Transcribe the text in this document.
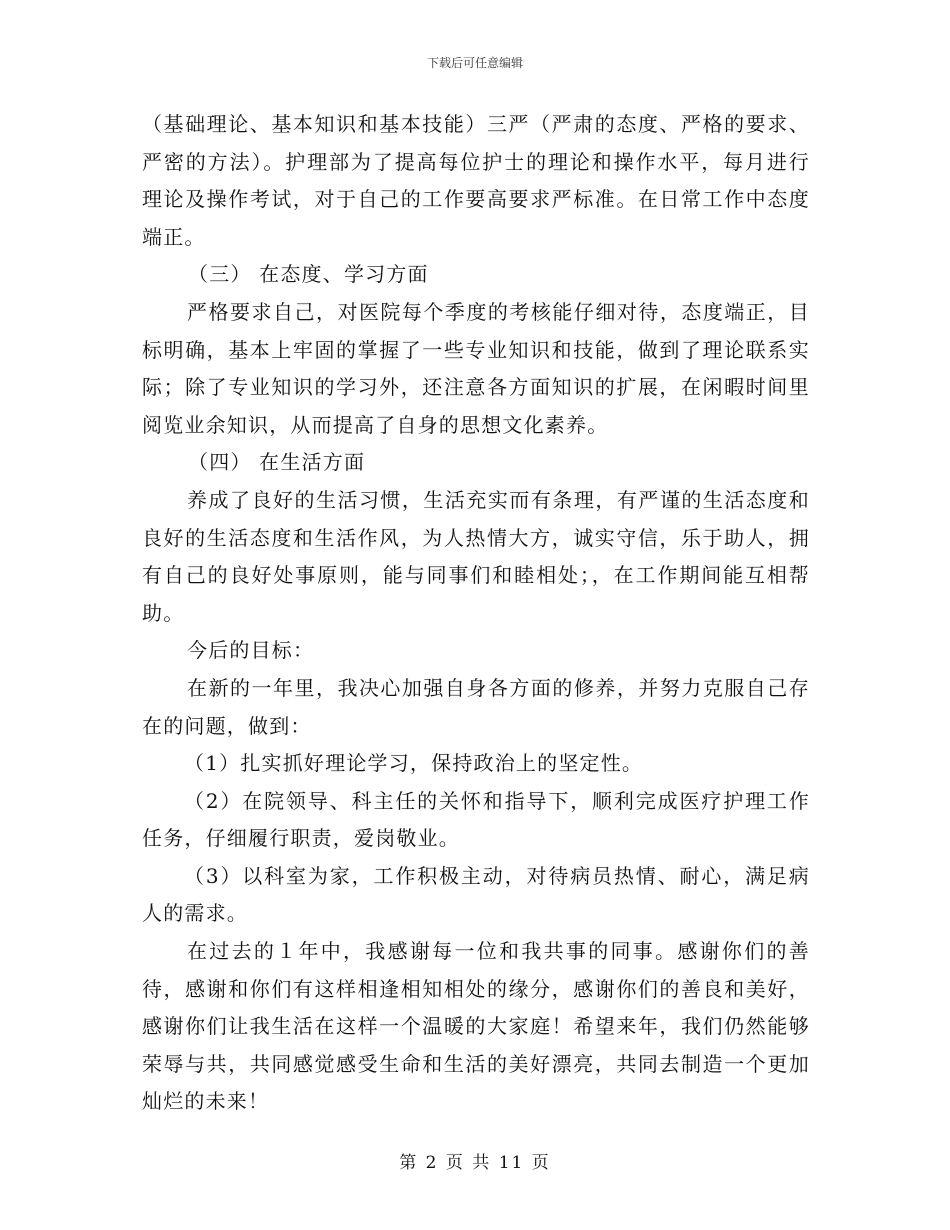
下载后可任意编辑

（基础理论、基本知识和基本技能）三严（严肃的态度、严格的要求、严密的方法）。护理部为了提高每位护士的理论和操作水平，每月进行理论及操作考试，对于自己的工作要高要求严标准。在日常工作中态度端正。

（三） 在态度、学习方面

严格要求自己，对医院每个季度的考核能仔细对待，态度端正，目标明确，基本上牢固的掌握了一些专业知识和技能，做到了理论联系实际；除了专业知识的学习外，还注意各方面知识的扩展，在闲暇时间里阅览业余知识，从而提高了自身的思想文化素养。

（四） 在生活方面

养成了良好的生活习惯，生活充实而有条理，有严谨的生活态度和良好的生活态度和生活作风，为人热情大方，诚实守信，乐于助人，拥有自己的良好处事原则，能与同事们和睦相处；，在工作期间能互相帮助。

今后的目标：

在新的一年里，我决心加强自身各方面的修养，并努力克服自己存在的问题，做到：

（1）扎实抓好理论学习，保持政治上的坚定性。

（2）在院领导、科主任的关怀和指导下，顺利完成医疗护理工作任务，仔细履行职责，爱岗敬业。

（3）以科室为家，工作积极主动，对待病员热情、耐心，满足病人的需求。

在过去的１年中，我感谢每一位和我共事的同事。感谢你们的善待，感谢和你们有这样相逢相知相处的缘分，感谢你们的善良和美好，感谢你们让我生活在这样一个温暖的大家庭！希望来年，我们仍然能够荣辱与共，共同感觉感受生命和生活的美好漂亮，共同去制造一个更加灿烂的未来！

第 2 页 共 11 页
